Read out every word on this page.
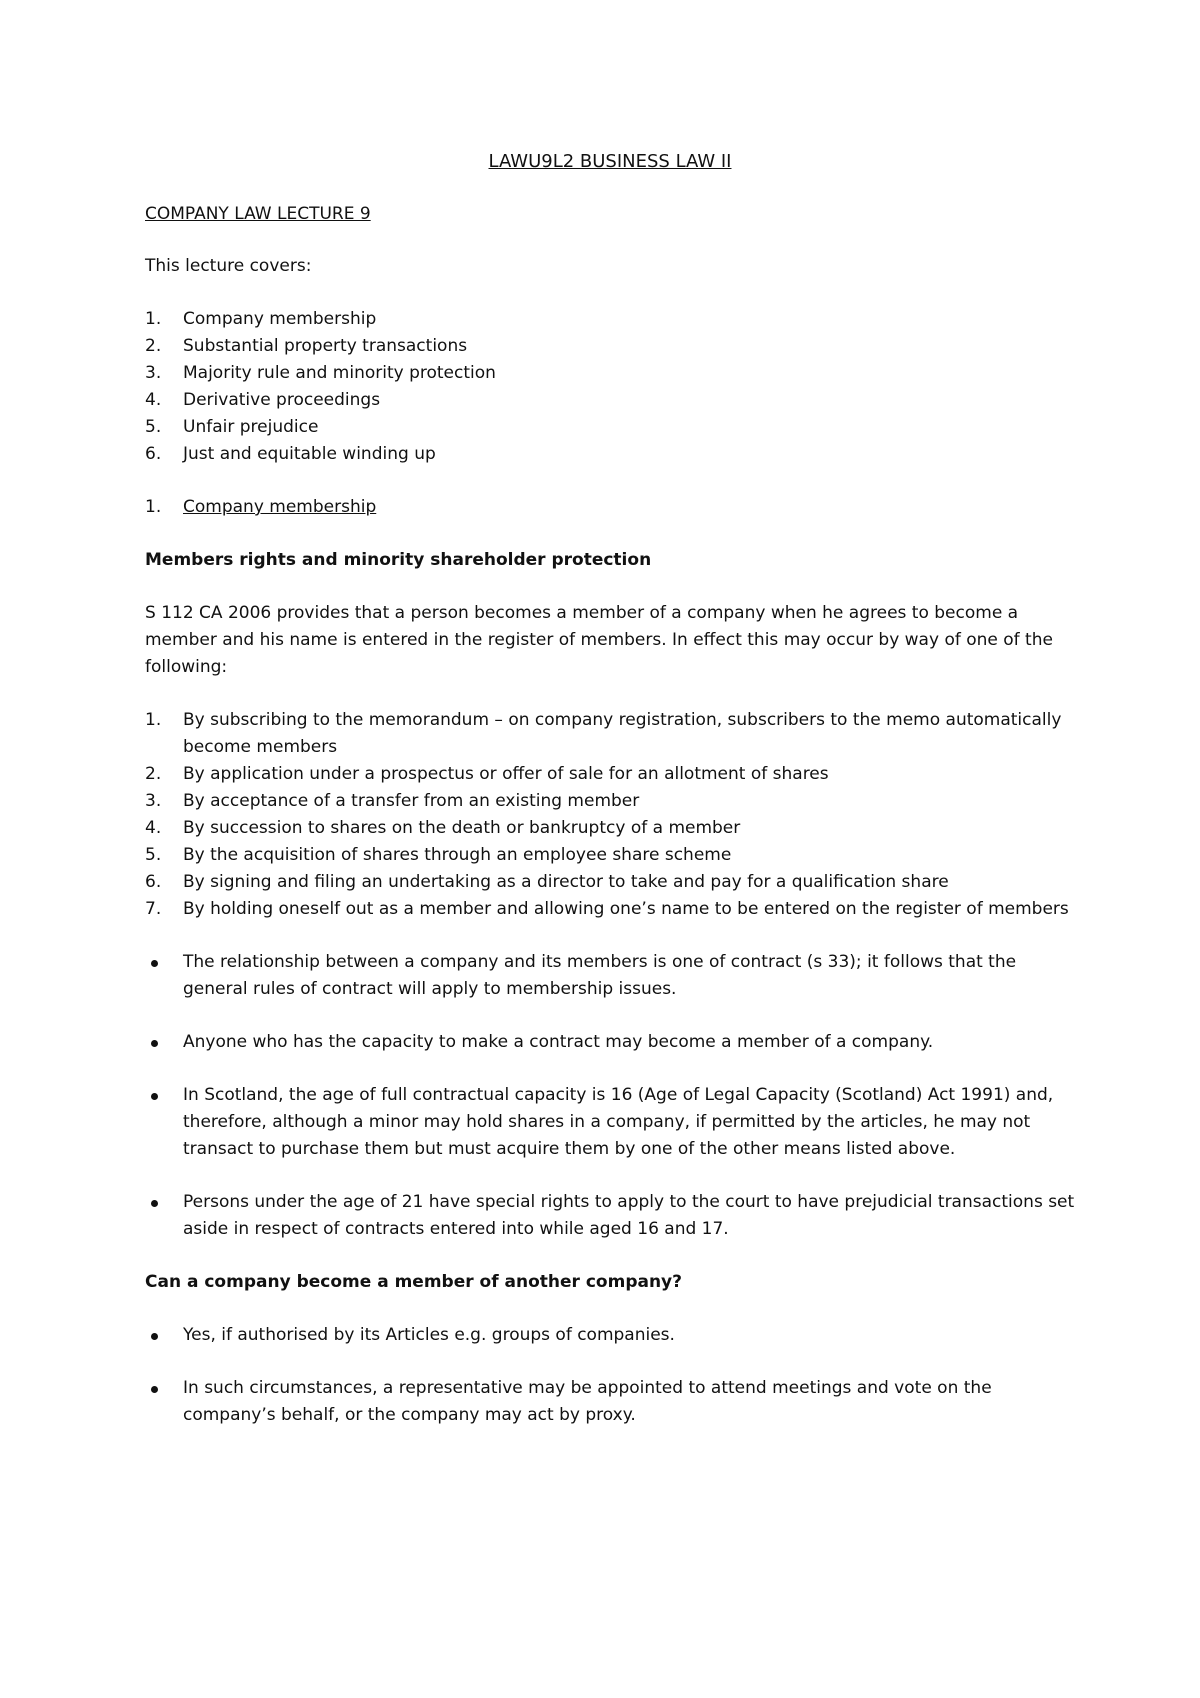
LAWU9L2 BUSINESS LAW II
COMPANY LAW LECTURE 9

This lecture covers:

1. Company membership
2. Substantial property transactions
3. Majority rule and minority protection
4. Derivative proceedings
5. Unfair prejudice
6. Just and equitable winding up
1. Company membership
Members rights and minority shareholder protection

S 112 CA 2006 provides that a person becomes a member of a company when he agrees to become a member and his name is entered in the register of members. In effect this may occur by way of one of the following:

1. By subscribing to the memorandum – on company registration, subscribers to the memo automatically become members
2. By application under a prospectus or offer of sale for an allotment of shares
3. By acceptance of a transfer from an existing member
4. By succession to shares on the death or bankruptcy of a member
5. By the acquisition of shares through an employee share scheme
6. By signing and filing an undertaking as a director to take and pay for a qualification share
7. By holding oneself out as a member and allowing one’s name to be entered on the register of members
The relationship between a company and its members is one of contract (s 33); it follows that the general rules of contract will apply to membership issues.
Anyone who has the capacity to make a contract may become a member of a company.
In Scotland, the age of full contractual capacity is 16 (Age of Legal Capacity (Scotland) Act 1991) and, therefore, although a minor may hold shares in a company, if permitted by the articles, he may not transact to purchase them but must acquire them by one of the other means listed above.
Persons under the age of 21 have special rights to apply to the court to have prejudicial transactions set aside in respect of contracts entered into while aged 16 and 17.
Can a company become a member of another company?
Yes, if authorised by its Articles e.g. groups of companies.
In such circumstances, a representative may be appointed to attend meetings and vote on the company’s behalf, or the company may act by proxy.
